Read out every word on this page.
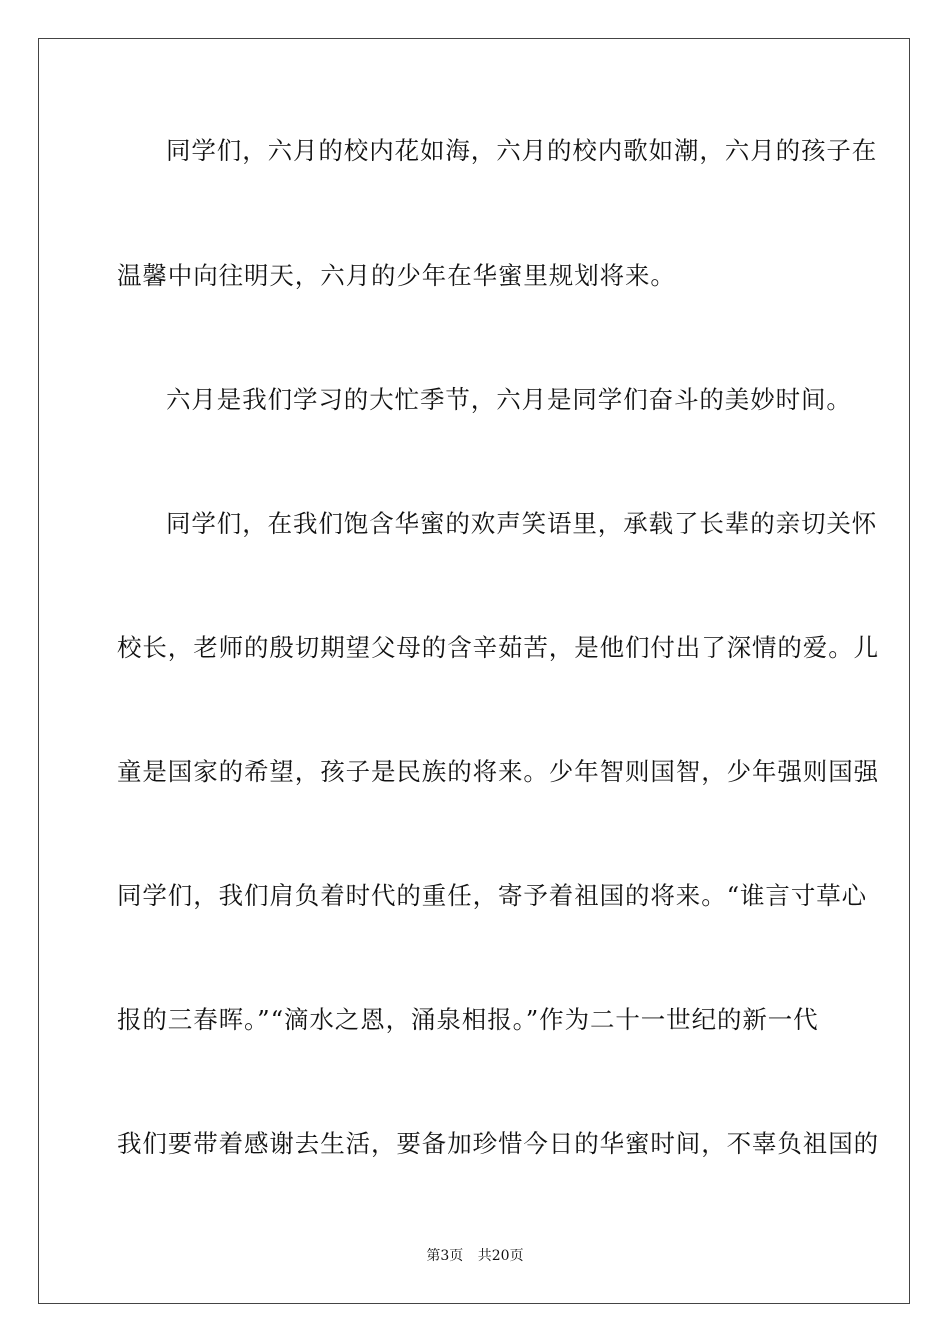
同学们，六月的校内花如海，六月的校内歌如潮，六月的孩子在
温馨中向往明天，六月的少年在华蜜里规划将来。
六月是我们学习的大忙季节，六月是同学们奋斗的美妙时间。
同学们，在我们饱含华蜜的欢声笑语里，承载了长辈的亲切关怀
校长，老师的殷切期望父母的含辛茹苦，是他们付出了深情的爱。儿
童是国家的希望，孩子是民族的将来。少年智则国智，少年强则国强
同学们，我们肩负着时代的重任，寄予着祖国的将来。“谁言寸草心
报的三春晖。”“滴水之恩，涌泉相报。”作为二十一世纪的新一代
我们要带着感谢去生活，要备加珍惜今日的华蜜时间，不辜负祖国的
第3页 共20页
